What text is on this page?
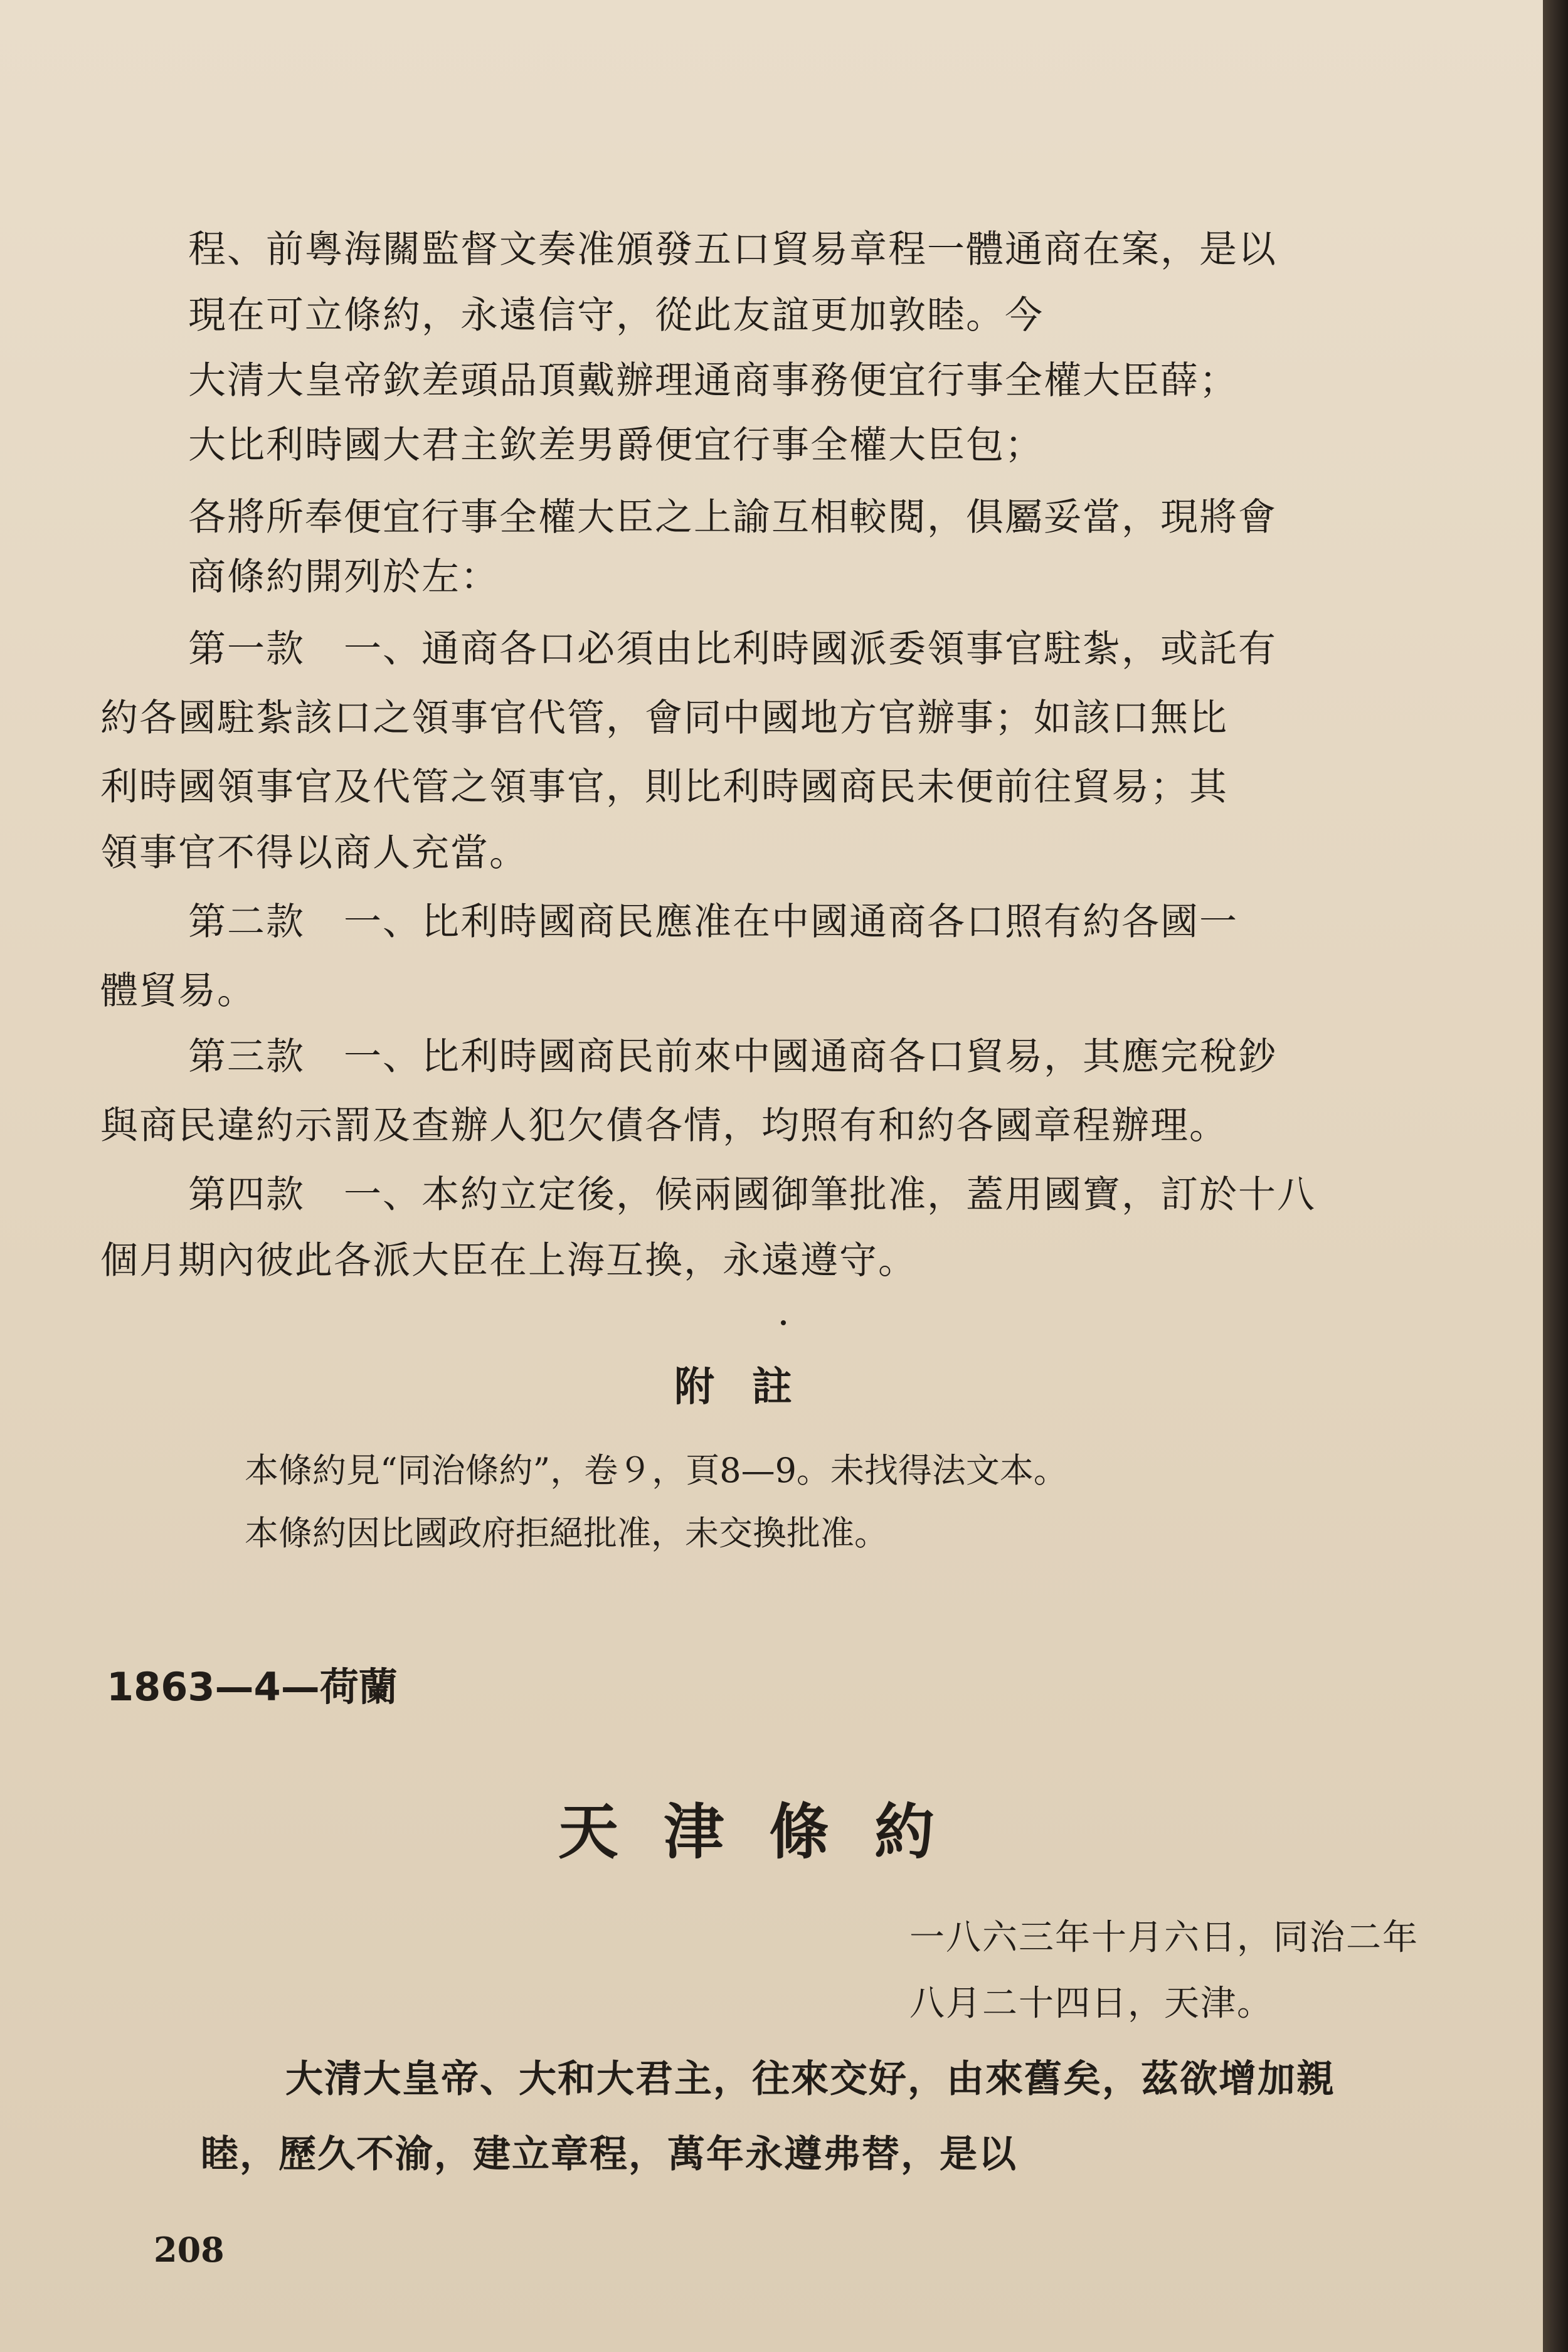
程、前粵海關監督文奏准頒發五口貿易章程一體通商在案，是以

現在可立條約，永遠信守，從此友誼更加敦睦。今

大清大皇帝欽差頭品頂戴辦理通商事務便宜行事全權大臣薛；

大比利時國大君主欽差男爵便宜行事全權大臣包；

各將所奉便宜行事全權大臣之上諭互相較閱，俱屬妥當，現將會

商條約開列於左：

第一款　一、通商各口必須由比利時國派委領事官駐紮，或託有

約各國駐紮該口之領事官代管，會同中國地方官辦事；如該口無比

利時國領事官及代管之領事官，則比利時國商民未便前往貿易；其

領事官不得以商人充當。

第二款　一、比利時國商民應准在中國通商各口照有約各國一

體貿易。

第三款　一、比利時國商民前來中國通商各口貿易，其應完稅鈔

與商民違約示罰及查辦人犯欠債各情，均照有和約各國章程辦理。

第四款　一、本約立定後，候兩國御筆批准，蓋用國寶，訂於十八

個月期內彼此各派大臣在上海互換，永遠遵守。

附註

本條約見“同治條約”，卷９，頁8—9。未找得法文本。

本條約因比國政府拒絕批准，未交換批准。

1863—4—荷蘭

天津條約

一八六三年十月六日，同治二年

八月二十四日，天津。

大清大皇帝、大和大君主，往來交好，由來舊矣，茲欲增加親

睦，歷久不渝，建立章程，萬年永遵弗替，是以

208
